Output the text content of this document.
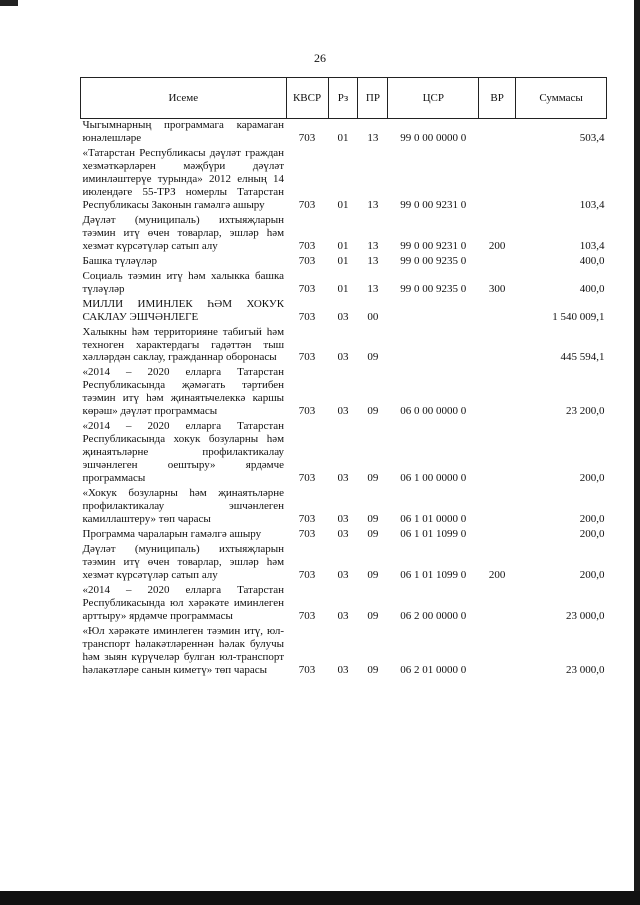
26
Исеме	КВСР	Рз	ПР	ЦСР	ВР	Суммасы
Чыгымнарның программага карамаган юнәлешләре	703	01	13	99 0 00 0000 0		503,4
«Татарстан Республикасы дәүләт граждан хезмәткәрләрен мәҗбүри дәүләт иминләштерүе турында» 2012 елның 14 июлендәге 55-ТРЗ номерлы Татарстан Республикасы Законын гамәлгә ашыру	703	01	13	99 0 00 9231 0		103,4
Дәүләт (муниципаль) ихтыяҗларын тәэмин итү өчен товарлар, эшләр һәм хезмәт күрсәтүләр сатып алу	703	01	13	99 0 00 9231 0	200	103,4
Башка түләүләр	703	01	13	99 0 00 9235 0		400,0
Социаль тәэмин итү һәм халыкка башка түләүләр	703	01	13	99 0 00 9235 0	300	400,0
МИЛЛИ ИМИНЛЕК ҺӘМ ХОКУК САКЛАУ ЭШЧӘНЛЕГЕ	703	03	00			1 540 009,1
Халыкны һәм территорияне табигый һәм техноген характердагы гадәттән тыш хәлләрдән саклау, гражданнар оборонасы	703	03	09			445 594,1
«2014 – 2020 елларга Татарстан Республикасында җәмәгать тәртибен тәэмин итү һәм җинаятьчелеккә каршы көрәш» дәүләт программасы	703	03	09	06 0 00 0000 0		23 200,0
«2014 – 2020 елларга Татарстан Республикасында хокук бозуларны һәм җинаятьләрне профилактикалау эшчәнлеген оештыру» ярдәмче программасы	703	03	09	06 1 00 0000 0		200,0
«Хокук бозуларны һәм җинаятьләрне профилактикалау эшчәнлеген камиллаштеру» төп чарасы	703	03	09	06 1 01 0000 0		200,0
Программа чараларын гамәлгә ашыру	703	03	09	06 1 01 1099 0		200,0
Дәүләт (муниципаль) ихтыяҗларын тәэмин итү өчен товарлар, эшләр һәм хезмәт күрсәтүләр сатып алу	703	03	09	06 1 01 1099 0	200	200,0
«2014 – 2020 елларга Татарстан Республикасында юл хәрәкәте иминлеген арттыру» ярдәмче программасы	703	03	09	06 2 00 0000 0		23 000,0
«Юл хәрәкәте иминлеген тәэмин итү, юл-транспорт һәлакәтләреннән һәлак булучы һәм зыян күрүчеләр булган юл-транспорт һәлакәтләре санын киметү» төп чарасы	703	03	09	06 2 01 0000 0		23 000,0
